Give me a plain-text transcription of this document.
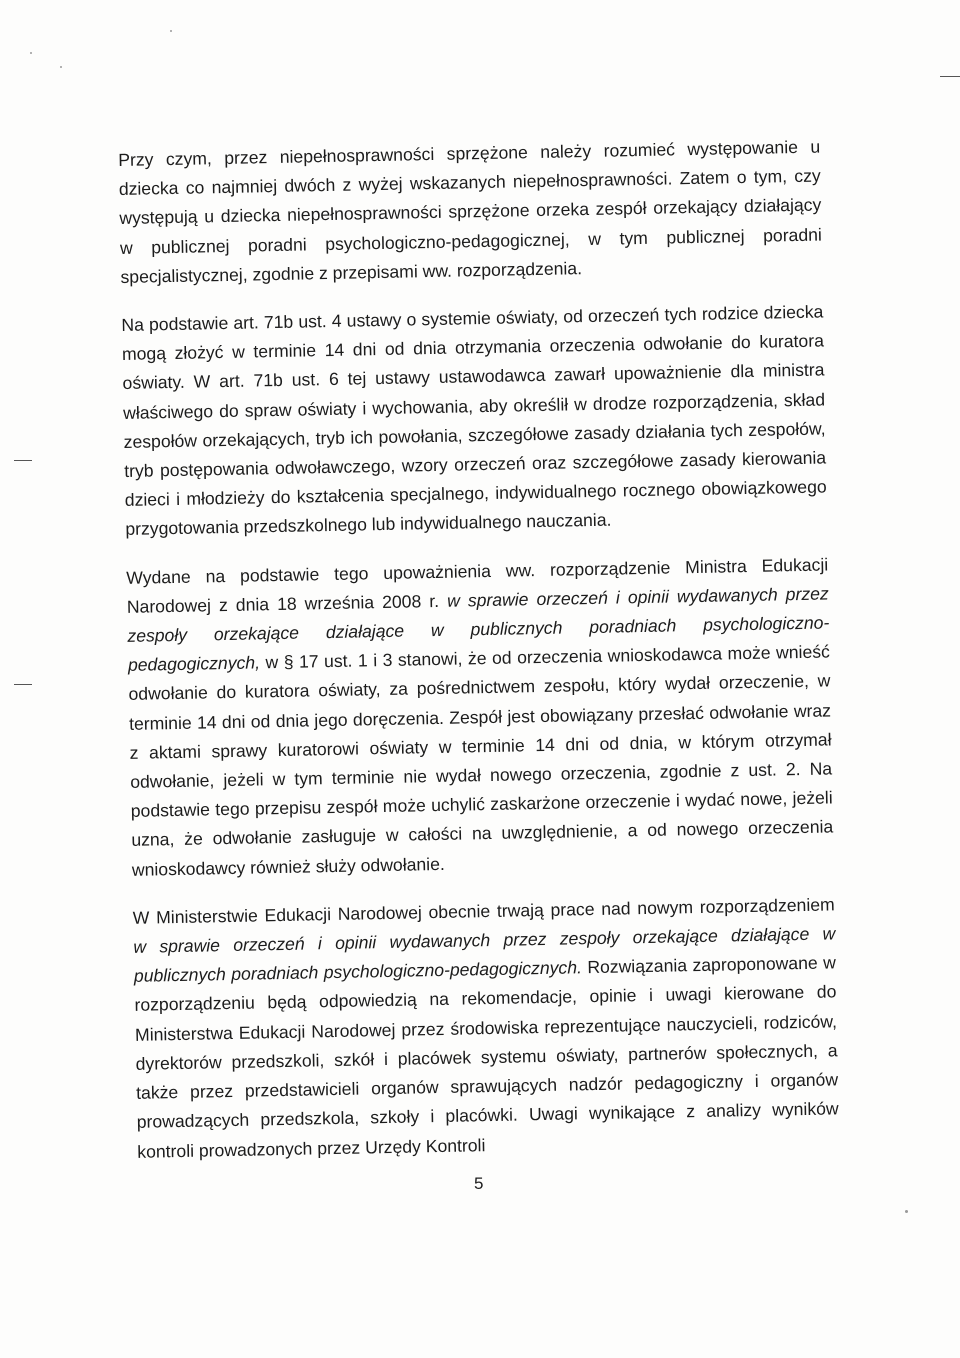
Przy czym, przez niepełnosprawności sprzężone należy rozumieć występowanie u dziecka co najmniej dwóch z wyżej wskazanych niepełnosprawności. Zatem o tym, czy występują u dziecka niepełnosprawności sprzężone orzeka zespół orzekający działający w publicznej poradni psychologiczno-pedagogicznej, w tym publicznej poradni specjalistycznej, zgodnie z przepisami ww. rozporządzenia.

Na podstawie art. 71b ust. 4 ustawy o systemie oświaty, od orzeczeń tych rodzice dziecka mogą złożyć w terminie 14 dni od dnia otrzymania orzeczenia odwołanie do kuratora oświaty. W art. 71b ust. 6 tej ustawy ustawodawca zawarł upoważnienie dla ministra właściwego do spraw oświaty i wychowania, aby określił w drodze rozporządzenia, skład zespołów orzekających, tryb ich powołania, szczegółowe zasady działania tych zespołów, tryb postępowania odwoławczego, wzory orzeczeń oraz szczegółowe zasady kierowania dzieci i młodzieży do kształcenia specjalnego, indywidualnego rocznego obowiązkowego przygotowania przedszkolnego lub indywidualnego nauczania.

Wydane na podstawie tego upoważnienia ww. rozporządzenie Ministra Edukacji Narodowej z dnia 18 września 2008 r. w sprawie orzeczeń i opinii wydawanych przez zespoły orzekające działające w publicznych poradniach psychologiczno-pedagogicznych, w § 17 ust. 1 i 3 stanowi, że od orzeczenia wnioskodawca może wnieść odwołanie do kuratora oświaty, za pośrednictwem zespołu, który wydał orzeczenie, w terminie 14 dni od dnia jego doręczenia. Zespół jest obowiązany przesłać odwołanie wraz z aktami sprawy kuratorowi oświaty w terminie 14 dni od dnia, w którym otrzymał odwołanie, jeżeli w tym terminie nie wydał nowego orzeczenia, zgodnie z ust. 2. Na podstawie tego przepisu zespół może uchylić zaskarżone orzeczenie i wydać nowe, jeżeli uzna, że odwołanie zasługuje w całości na uwzględnienie, a od nowego orzeczenia wnioskodawcy również służy odwołanie.

W Ministerstwie Edukacji Narodowej obecnie trwają prace nad nowym rozporządzeniem w sprawie orzeczeń i opinii wydawanych przez zespoły orzekające działające w publicznych poradniach psychologiczno-pedagogicznych. Rozwiązania zaproponowane w rozporządzeniu będą odpowiedzią na rekomendacje, opinie i uwagi kierowane do Ministerstwa Edukacji Narodowej przez środowiska reprezentujące nauczycieli, rodziców, dyrektorów przedszkoli, szkół i placówek systemu oświaty, partnerów społecznych, a także przez przedstawicieli organów sprawujących nadzór pedagogiczny i organów prowadzących przedszkola, szkoły i placówki. Uwagi wynikające z analizy wyników kontroli prowadzonych przez Urzędy Kontroli

5
